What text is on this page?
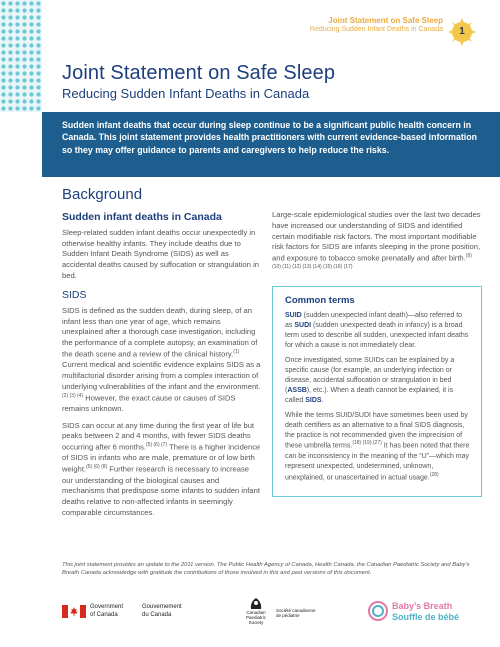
Joint Statement on Safe Sleep
Reducing Sudden Infant Deaths in Canada	1
Joint Statement on Safe Sleep
Reducing Sudden Infant Deaths in Canada
Sudden infant deaths that occur during sleep continue to be a significant public health concern in Canada. This joint statement provides health practitioners with current evidence-based information so they may offer guidance to parents and caregivers to help reduce the risks.
Background
Sudden infant deaths in Canada

Sleep-related sudden infant deaths occur unexpectedly in otherwise healthy infants. They include deaths due to Sudden Infant Death Syndrome (SIDS) as well as accidental deaths caused by suffocation or strangulation in bed.

SIDS

SIDS is defined as the sudden death, during sleep, of an infant less than one year of age, which remains unexplained after a thorough case investigation, including the performance of a complete autopsy, an examination of the death scene and a review of the clinical history.$^{(1)}$ Current medical and scientific evidence explains SIDS as a multifactorial disorder arising from a complex interaction of underlying vulnerabilities of the infant and the environment.$^{(2) (3) (4)}$ However, the exact cause or causes of SIDS remains unknown.

SIDS can occur at any time during the first year of life but peaks between 2 and 4 months, with fewer SIDS deaths occurring after 6 months.$^{(5) (6) (7)}$ There is a higher incidence of SIDS in infants who are male, premature or of low birth weight.$^{(5) (6) (8)}$ Further research is necessary to increase our understanding of the biological causes and mechanisms that predispose some infants to sudden infant deaths relative to non-affected infants in seemingly comparable circumstances.

Large-scale epidemiological studies over the last two decades have increased our understanding of SIDS and identified certain modifiable risk factors. The most important modifiable risk factors for SIDS are infants sleeping in the prone position, and exposure to tobacco smoke prenatally and after birth.$^{(9) (10) (11) (12) (13) (14) (15) (16) (17)}$

Common terms

SUID (sudden unexpected infant death)—also referred to as SUDI (sudden unexpected death in infancy) is a broad term used to describe all sudden, unexpected infant deaths for which a cause is not immediately clear.

Once investigated, some SUIDs can be explained by a specific cause (for example, an underlying infection or disease, accidental suffocation or strangulation in bed (ASSB), etc.). When a death cannot be explained, it is called SIDS.

While the terms SUID/SUDI have sometimes been used by death certifiers as an alternative to a final SIDS diagnosis, the practice is not recommended given the imprecision of these umbrella terms.$^{(18) (19) (27)}$ It has been noted that there can be inconsistency in the meaning of the “U”—which may represent unexpected, undetermined, unknown, unexplained, or unascertained in actual usage.$^{(28)}$

This joint statement provides an update to the 2011 version. The Public Health Agency of Canada, Health Canada, the Canadian Paediatric Society and Baby’s Breath Canada acknowledge with gratitude the contributions of those involved in this and past versions of this document.
Government
of Canada
Gouvernement
du Canada	Canadian Paediatric Society
Société canadienne de pédiatrie
Baby’s Breath
Souffle de bébé
